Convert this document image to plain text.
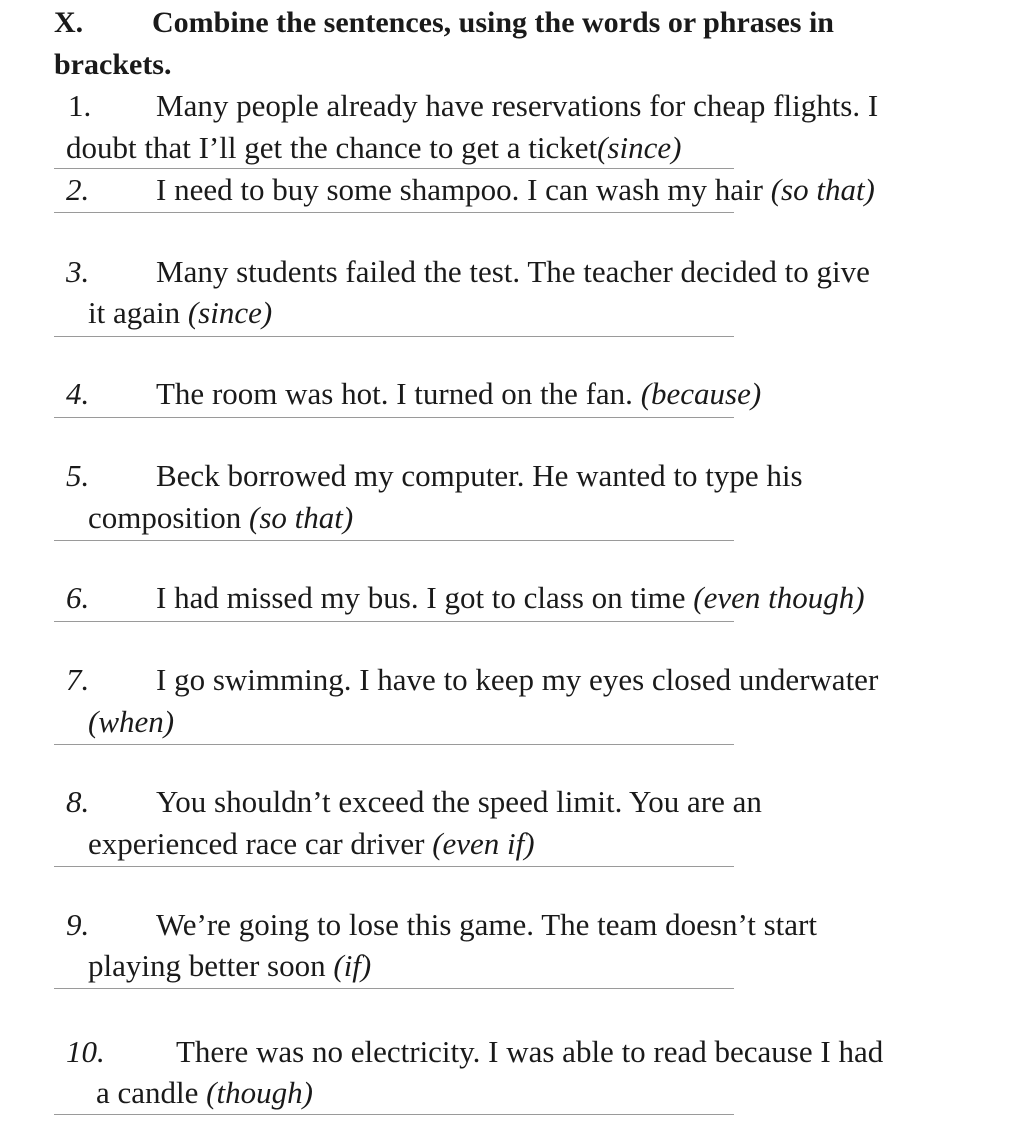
X. Combine the sentences, using the words or phrases in
brackets.
1. Many people already have reservations for cheap flights. I
doubt that I’ll get the chance to get a ticket(since)
2. I need to buy some shampoo. I can wash my hair (so that)
3. Many students failed the test. The teacher decided to give
it again (since)
4. The room was hot. I turned on the fan. (because)
5. Beck borrowed my computer. He wanted to type his
composition (so that)
6. I had missed my bus. I got to class on time (even though)
7. I go swimming. I have to keep my eyes closed underwater
(when)
8. You shouldn’t exceed the speed limit. You are an
experienced race car driver (even if)
9. We’re going to lose this game. The team doesn’t start
playing better soon (if)
10. There was no electricity. I was able to read because I had
a candle (though)
